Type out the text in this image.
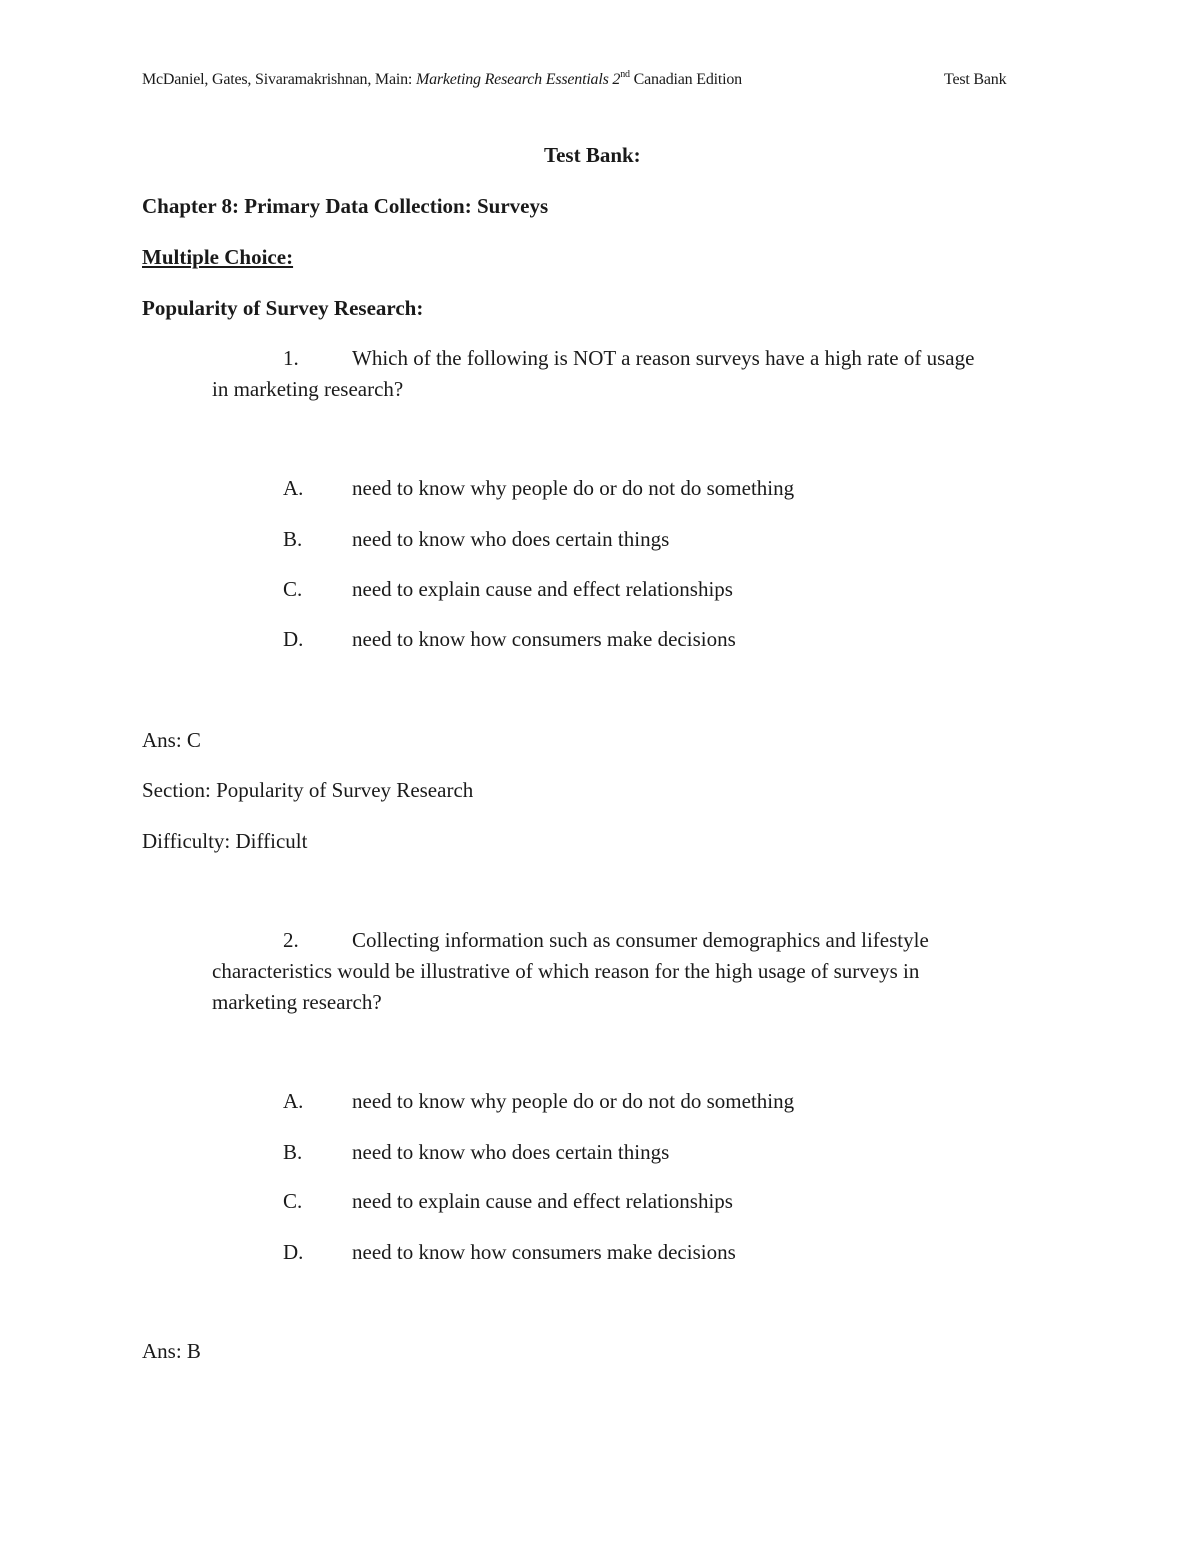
McDaniel, Gates, Sivaramakrishnan, Main: Marketing Research Essentials 2nd Canadian Edition	Test Bank
Test Bank:
Chapter 8: Primary Data Collection: Surveys
Multiple Choice:
Popularity of Survey Research:
1.	Which of the following is NOT a reason surveys have a high rate of usage
in marketing research?
A. need to know why people do or do not do something
B. need to know who does certain things
C. need to explain cause and effect relationships
D. need to know how consumers make decisions
Ans: C
Section: Popularity of Survey Research
Difficulty: Difficult
2.	Collecting information such as consumer demographics and lifestyle
characteristics would be illustrative of which reason for the high usage of surveys in
marketing research?
A. need to know why people do or do not do something
B. need to know who does certain things
C. need to explain cause and effect relationships
D. need to know how consumers make decisions
Ans: B
